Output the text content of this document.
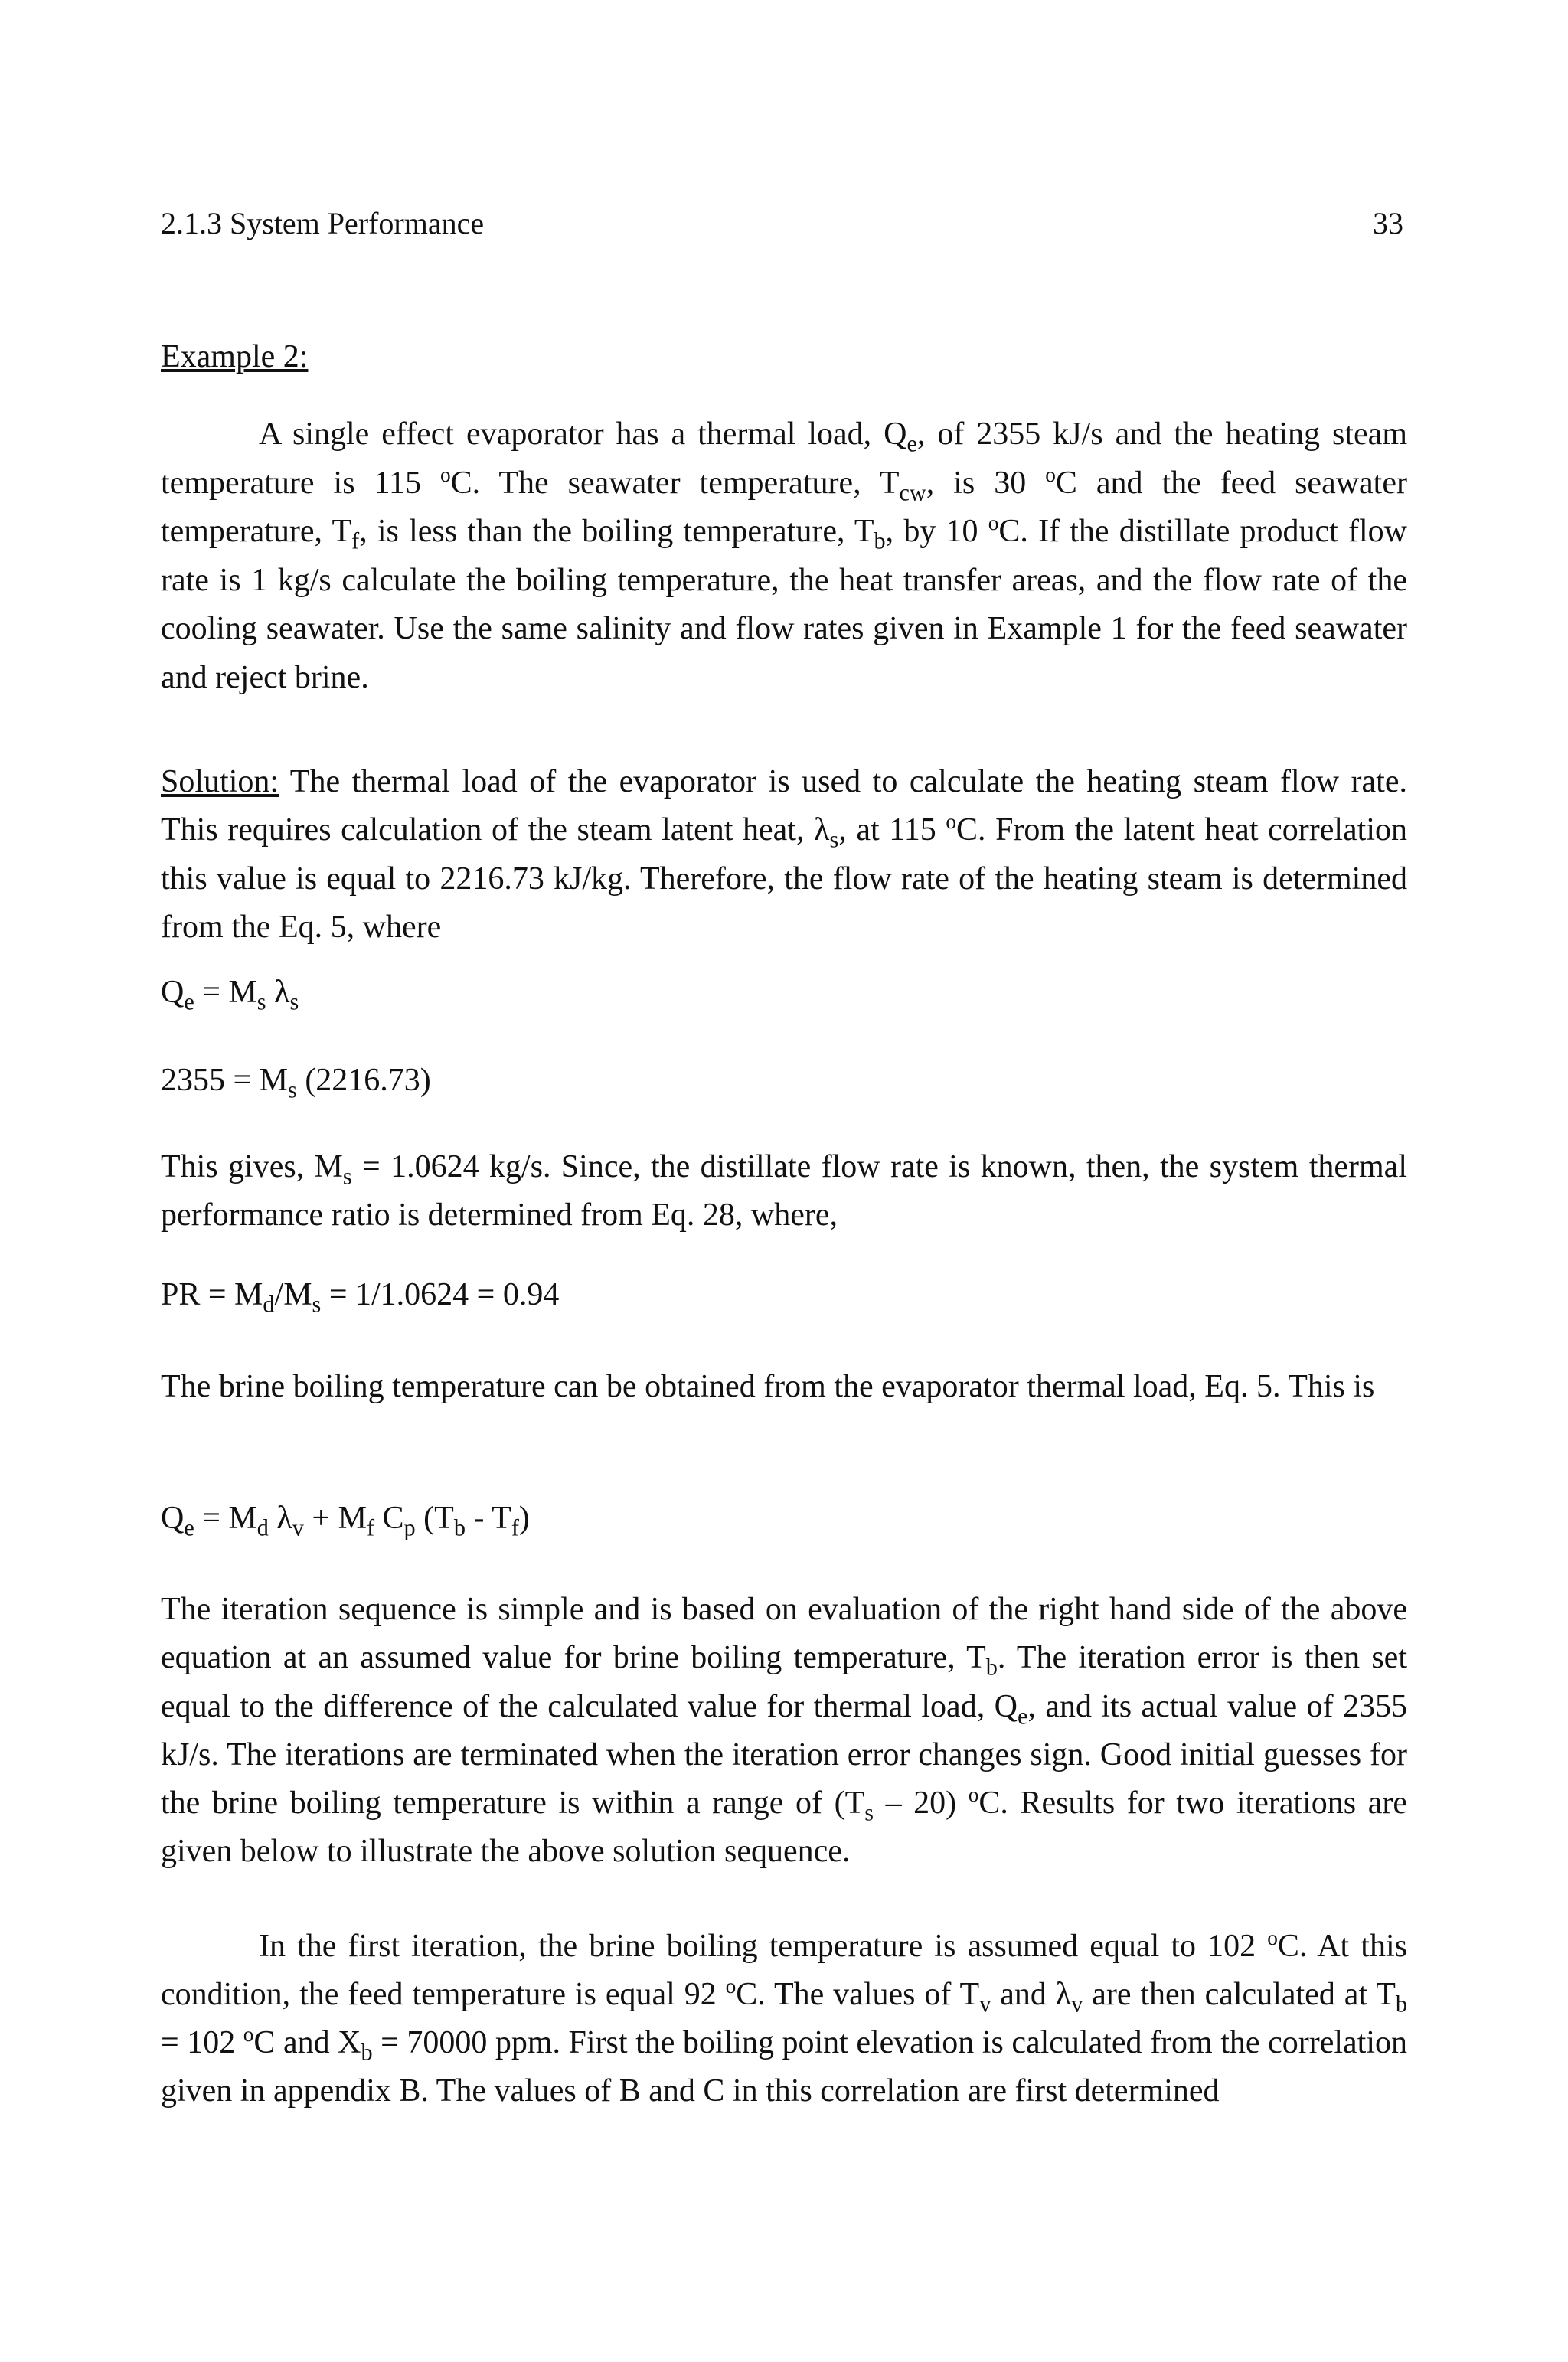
2.1.3 System Performance	33
Example 2:
A single effect evaporator has a thermal load, $Q_e$, of 2355 kJ/s and the heating steam temperature is 115 $^o$C. The seawater temperature, $T_{cw}$, is 30 $^o$C and the feed seawater temperature, $T_f$, is less than the boiling temperature, $T_b$, by 10 $^o$C. If the distillate product flow rate is 1 kg/s calculate the boiling temperature, the heat transfer areas, and the flow rate of the cooling seawater. Use the same salinity and flow rates given in Example 1 for the feed seawater and reject brine.
Solution: The thermal load of the evaporator is used to calculate the heating steam flow rate. This requires calculation of the steam latent heat, $\lambda_s$, at 115 $^o$C. From the latent heat correlation this value is equal to 2216.73 kJ/kg. Therefore, the flow rate of the heating steam is determined from the Eq. 5, where
$Q_e = M_s$ $\lambda_s$
$2355 = M_s$ (2216.73)
This gives, $M_s = 1.0624$ kg/s. Since, the distillate flow rate is known, then, the system thermal performance ratio is determined from Eq. 28, where,
PR = $M_d/M_s = 1/1.0624 = 0.94$
The brine boiling temperature can be obtained from the evaporator thermal load, Eq. 5. This is
$Q_e = M_d$ $\lambda_v + M_f$ $C_p$ $(T_b - T_f)$
The iteration sequence is simple and is based on evaluation of the right hand side of the above equation at an assumed value for brine boiling temperature, $T_b$. The iteration error is then set equal to the difference of the calculated value for thermal load, $Q_e$, and its actual value of 2355 kJ/s. The iterations are terminated when the iteration error changes sign. Good initial guesses for the brine boiling temperature is within a range of $(T_s - 20)$ $^o$C. Results for two iterations are given below to illustrate the above solution sequence.
In the first iteration, the brine boiling temperature is assumed equal to 102 $^o$C. At this condition, the feed temperature is equal 92 $^o$C. The values of $T_v$ and $\lambda_v$ are then calculated at $T_b = 102$ $^o$C and $X_b = 70000$ ppm. First the boiling point elevation is calculated from the correlation given in appendix B. The values of B and C in this correlation are first determined
